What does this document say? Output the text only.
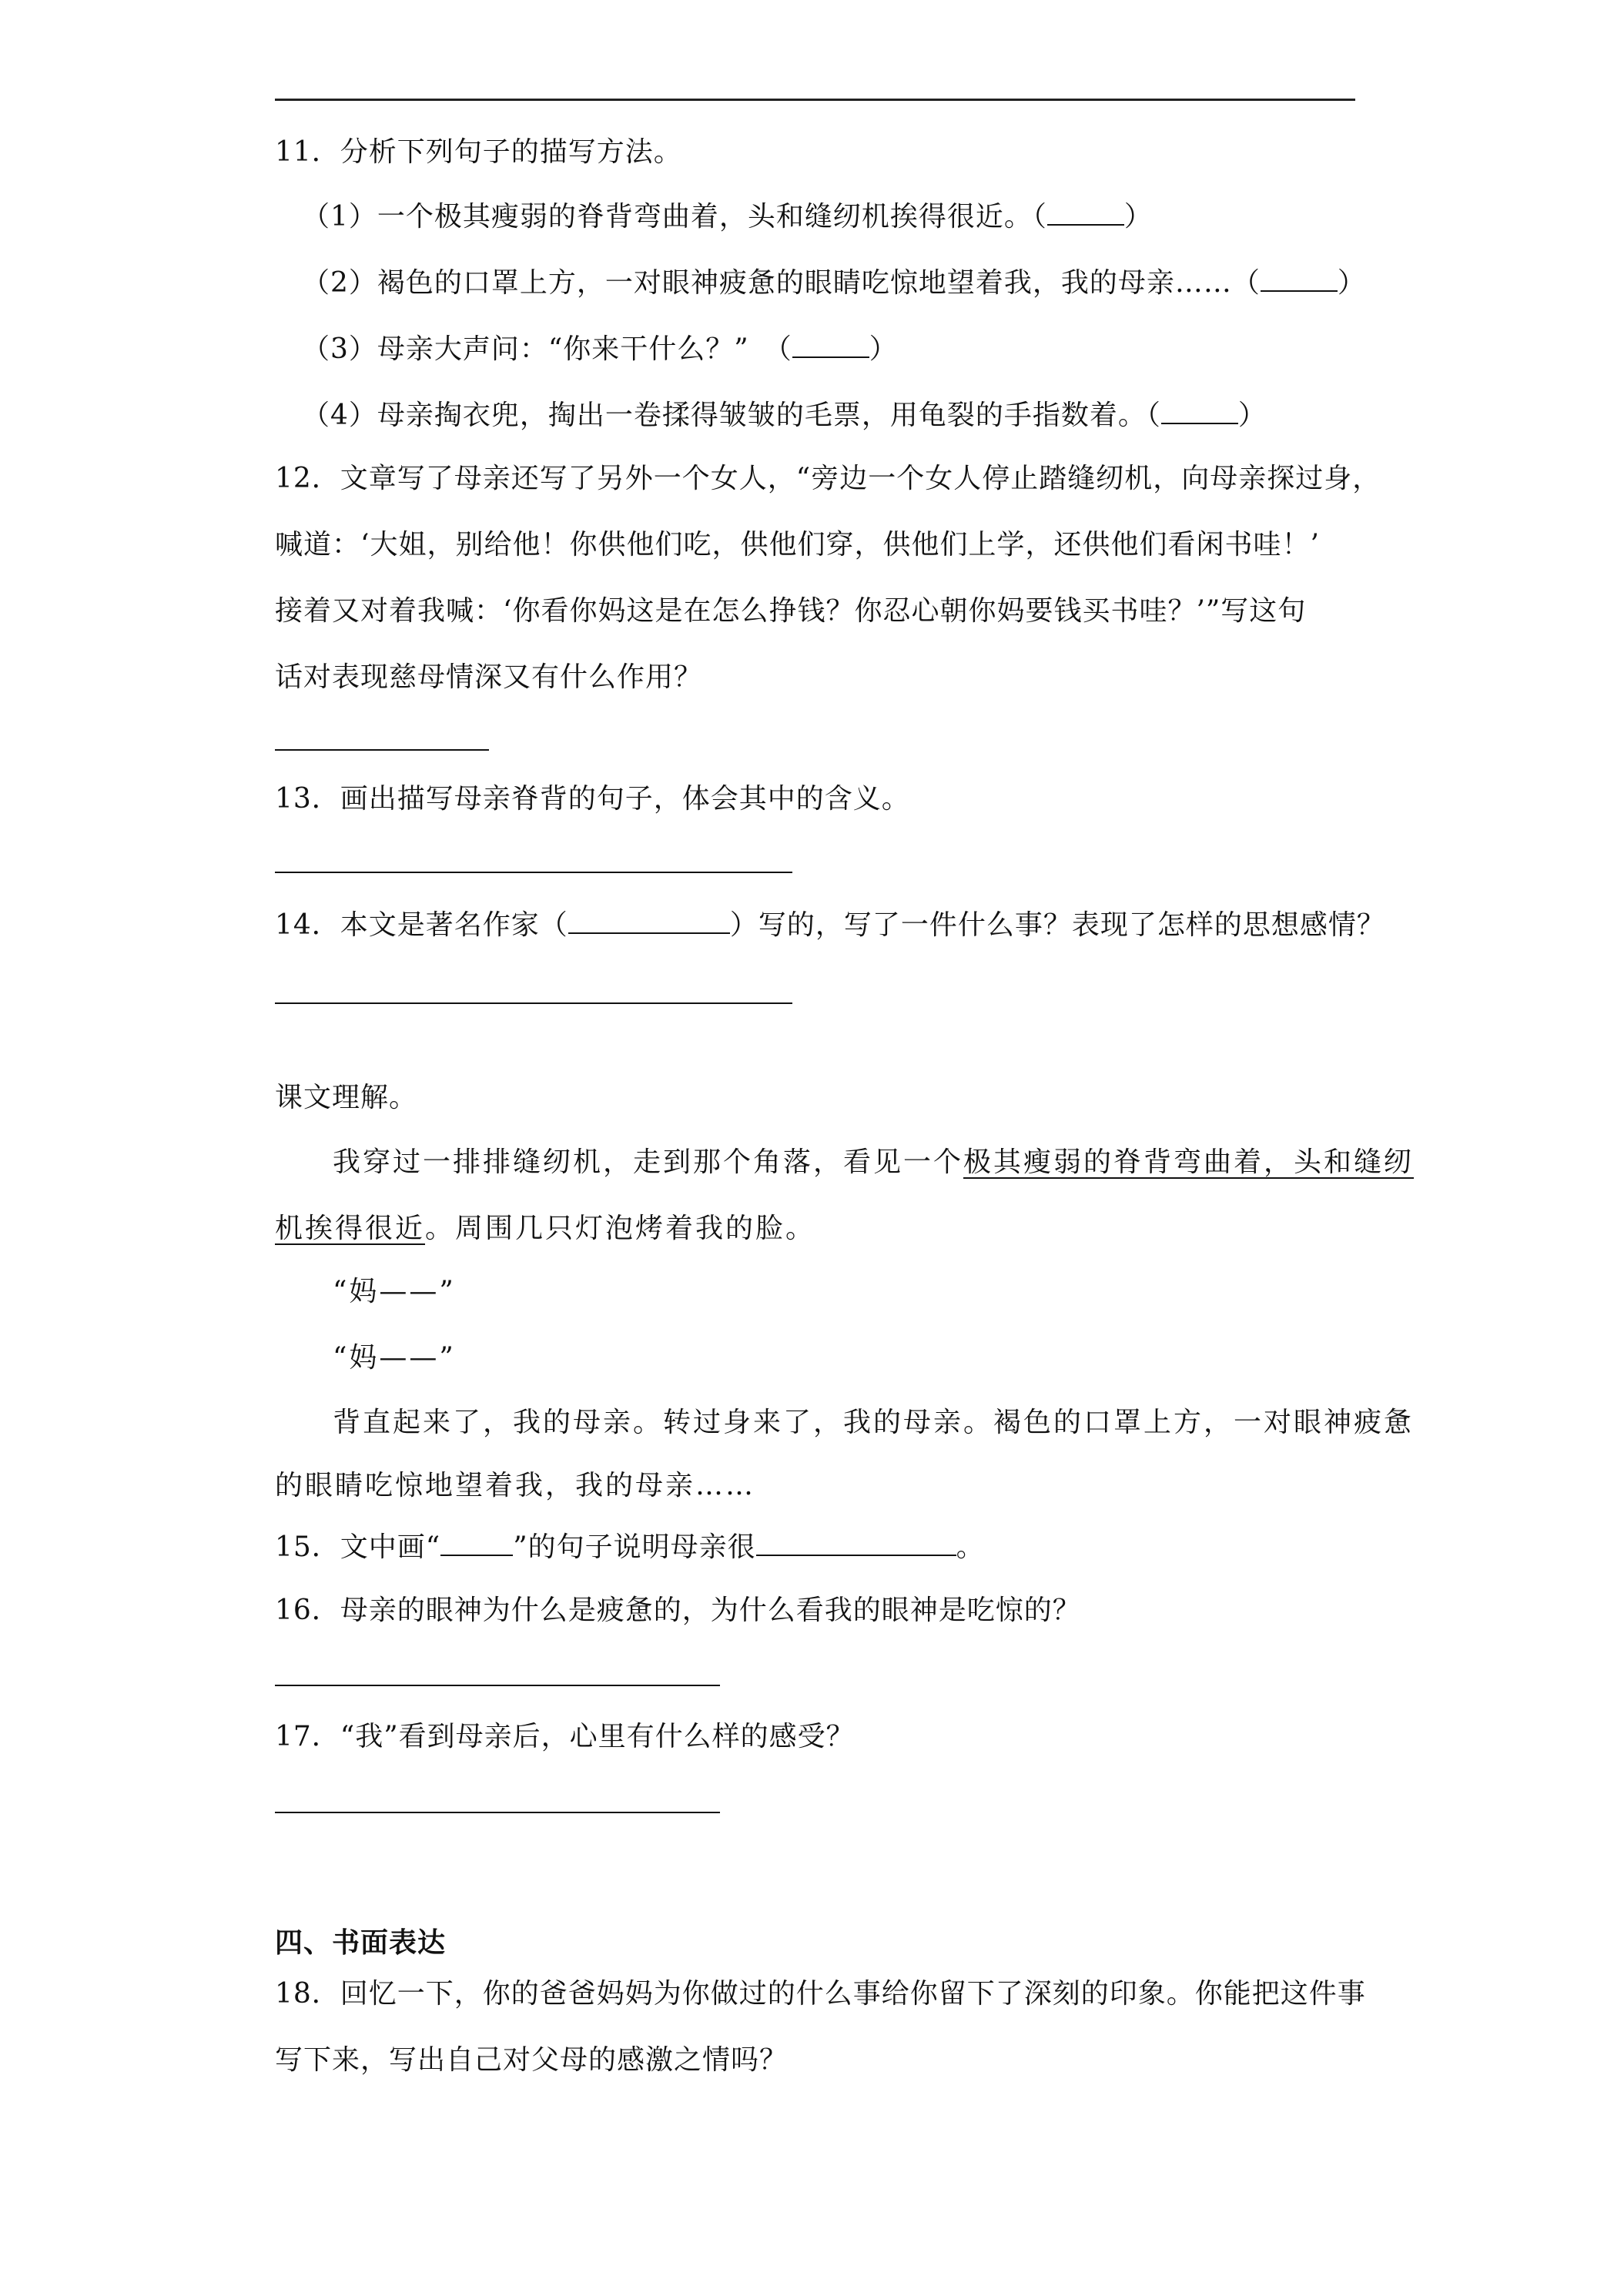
11．分析下列句子的描写方法。
（1）一个极其瘦弱的脊背弯曲着，头和缝纫机挨得很近。（	）
（2）褐色的口罩上方，一对眼神疲惫的眼睛吃惊地望着我，我的母亲……（	）
（3）母亲大声问：“你来干什么？”　（	）
（4）母亲掏衣兜，掏出一卷揉得皱皱的毛票，用龟裂的手指数着。（	）
12．文章写了母亲还写了另外一个女人，“旁边一个女人停止踏缝纫机，向母亲探过身，
喊道：‘大姐，别给他！你供他们吃，供他们穿，供他们上学，还供他们看闲书哇！’
接着又对着我喊：‘你看你妈这是在怎么挣钱？你忍心朝你妈要钱买书哇？’”写这句
话对表现慈母情深又有什么作用？
13．画出描写母亲脊背的句子，体会其中的含义。
14．本文是著名作家（	）写的，写了一件什么事？表现了怎样的思想感情？
课文理解。
我穿过一排排缝纫机，走到那个角落，看见一个极其瘦弱的脊背弯曲着，头和缝纫
机挨得很近。周围几只灯泡烤着我的脸。
“妈——”
“妈——”
背直起来了，我的母亲。转过身来了，我的母亲。褐色的口罩上方，一对眼神疲惫
的眼睛吃惊地望着我，我的母亲……
15．文中画“	”的句子说明母亲很	。
16．母亲的眼神为什么是疲惫的，为什么看我的眼神是吃惊的？
17．“我”看到母亲后，心里有什么样的感受？
四、书面表达
18．回忆一下，你的爸爸妈妈为你做过的什么事给你留下了深刻的印象。你能把这件事
写下来，写出自己对父母的感激之情吗？
